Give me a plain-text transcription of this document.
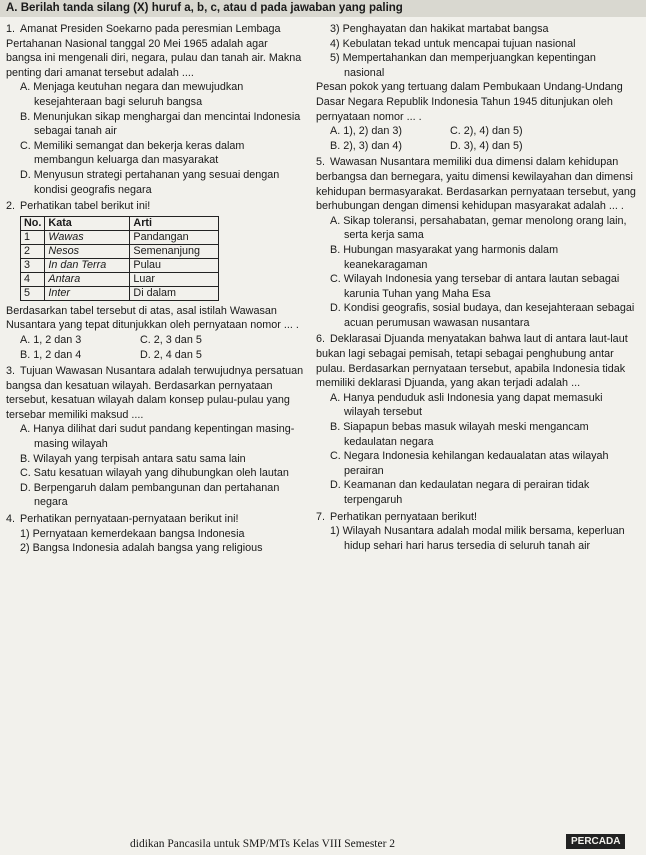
A. Berilah tanda silang (X) huruf a, b, c, atau d pada jawaban yang paling

1. Amanat Presiden Soekarno pada peresmian Lembaga Pertahanan Nasional tanggal 20 Mei 1965 adalah agar bangsa ini mengenali diri, negara, pulau dan tanah air. Makna penting dari amanat tersebut adalah ....

A. Menjaga keutuhan negara dan mewujudkan kesejahteraan bagi seluruh bangsa

B. Menunjukan sikap menghargai dan mencintai Indonesia sebagai tanah air

C. Memiliki semangat dan bekerja keras dalam membangun keluarga dan masyarakat

D. Menyusun strategi pertahanan yang sesuai dengan kondisi geografis negara

2. Perhatikan tabel berikut ini!

No.	Kata	Arti
1	Wawas	Pandangan
2	Nesos	Semenanjung
3	In dan Terra	Pulau
4	Antara	Luar
5	Inter	Di dalam

Berdasarkan tabel tersebut di atas, asal istilah Wawasan Nusantara yang tepat ditunjukkan oleh pernyataan nomor ... .

A. 1, 2 dan 3	C. 2, 3 dan 5
B. 1, 2 dan 4	D. 2, 4 dan 5

3. Tujuan Wawasan Nusantara adalah terwujudnya persatuan bangsa dan kesatuan wilayah. Berdasarkan pernyataan tersebut, kesatuan wilayah dalam konsep pulau-pulau yang tersebar memiliki maksud ....

A. Hanya dilihat dari sudut pandang kepentingan masing-masing wilayah

B. Wilayah yang terpisah antara satu sama lain

C. Satu kesatuan wilayah yang dihubungkan oleh lautan

D. Berpengaruh dalam pembangunan dan pertahanan negara

4. Perhatikan pernyataan-pernyataan berikut ini!

1) Pernyataan kemerdekaan bangsa Indonesia

2) Bangsa Indonesia adalah bangsa yang religious

3) Penghayatan dan hakikat martabat bangsa

4) Kebulatan tekad untuk mencapai tujuan nasional

5) Mempertahankan dan memperjuangkan kepentingan nasional

Pesan pokok yang tertuang dalam Pembukaan Undang-Undang Dasar Negara Republik Indonesia Tahun 1945 ditunjukan oleh pernyataan nomor ... .

A. 1), 2) dan 3)	C. 2), 4) dan 5)
B. 2), 3) dan 4)	D. 3), 4) dan 5)

5. Wawasan Nusantara memiliki dua dimensi dalam kehidupan berbangsa dan bernegara, yaitu dimensi kewilayahan dan dimensi kehidupan bermasyarakat. Berdasarkan pernyataan tersebut, yang berhubungan dengan dimensi kehidupan masyarakat adalah ... .

A. Sikap toleransi, persahabatan, gemar menolong orang lain, serta kerja sama

B. Hubungan masyarakat yang harmonis dalam keanekaragaman

C. Wilayah Indonesia yang tersebar di antara lautan sebagai karunia Tuhan yang Maha Esa

D. Kondisi geografis, sosial budaya, dan kesejahteraan sebagai acuan perumusan wawasan nusantara

6. Deklarasai Djuanda menyatakan bahwa laut di antara laut-laut bukan lagi sebagai pemisah, tetapi sebagai penghubung antar pulau. Berdasarkan pernyataan tersebut, apabila Indonesia tidak memiliki deklarasi Djuanda, yang akan terjadi adalah ...

A. Hanya penduduk asli Indonesia yang dapat memasuki wilayah tersebut

B. Siapapun bebas masuk wilayah meski mengancam kedaulatan negara

C. Negara Indonesia kehilangan kedaualatan atas wilayah perairan

D. Keamanan dan kedaulatan negara di perairan tidak terpengaruh

7. Perhatikan pernyataan berikut!

1) Wilayah Nusantara adalah modal milik bersama, keperluan hidup sehari hari harus tersedia di seluruh tanah air

didikan Pancasila untuk SMP/MTs Kelas VIII Semester 2	PERCADA
